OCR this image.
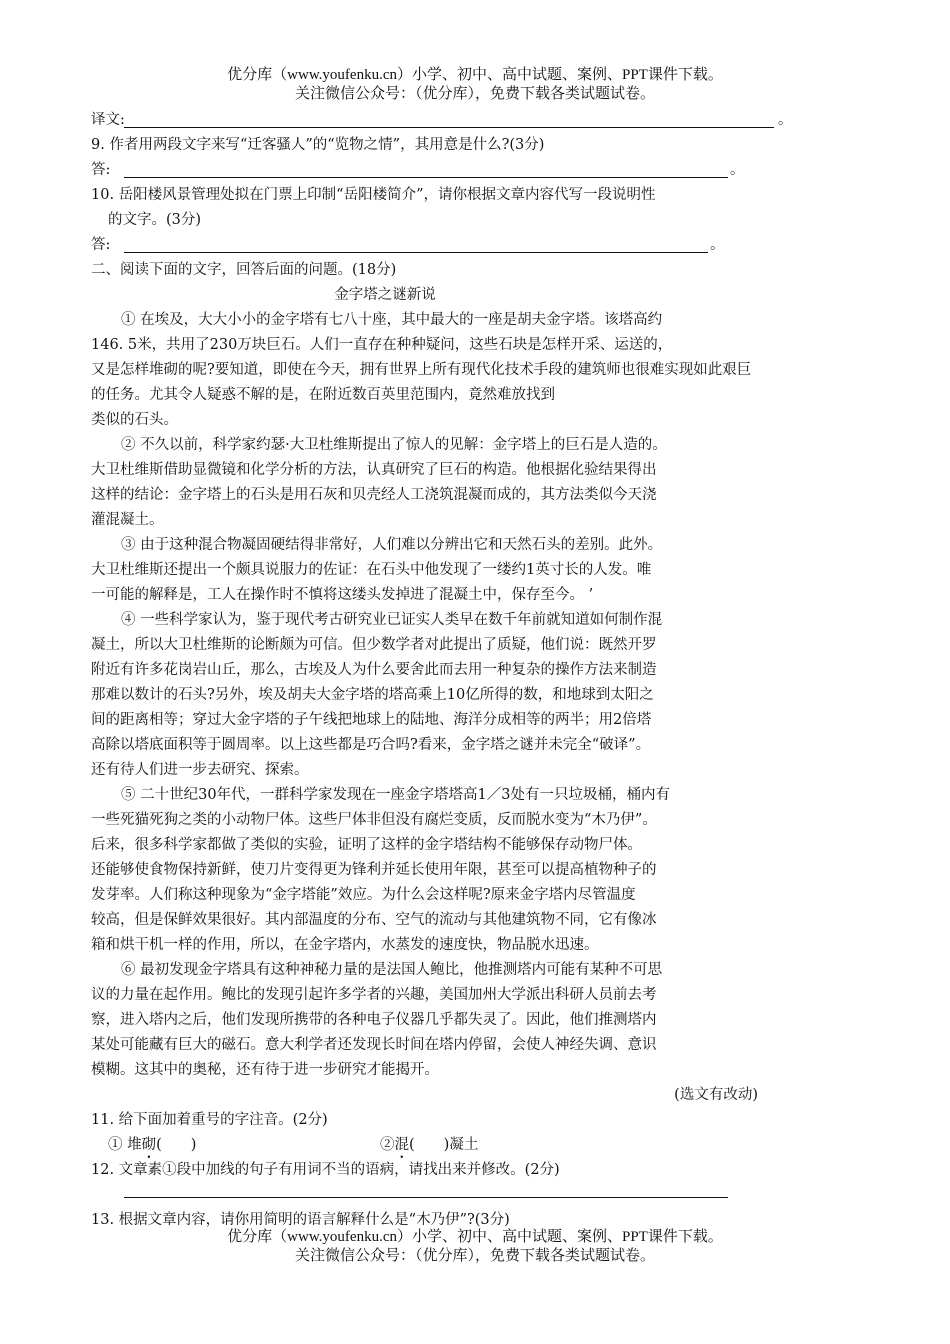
优分库（www.youfenku.cn）小学、初中、高中试题、案例、PPT课件下载。
关注微信公众号：（优分库），免费下载各类试题试卷。
译文:	。
9. 作者用两段文字来写“迁客骚人”的“览物之情”，其用意是什么?(3分)
答:	。
10. 岳阳楼风景管理处拟在门票上印制“岳阳楼简介”，请你根据文章内容代写一段说明性
的文字。(3分)
答:	。
二、阅读下面的文字，回答后面的问题。(18分)
金字塔之谜新说
① 在埃及，大大小小的金字塔有七八十座，其中最大的一座是胡夫金字塔。该塔高约
146. 5米，共用了230万块巨石。人们一直存在种种疑问，这些石块是怎样开采、运送的，
又是怎样堆砌的呢?要知道，即使在今天，拥有世界上所有现代化技术手段的建筑师也很难实现如此艰巨
的任务。尤其令人疑惑不解的是，在附近数百英里范围内，竟然难放找到
类似的石头。
② 不久以前，科学家约瑟·大卫杜维斯提出了惊人的见解：金字塔上的巨石是人造的。
大卫杜维斯借助显微镜和化学分析的方法，认真研究了巨石的构造。他根据化验结果得出
这样的结论：金字塔上的石头是用石灰和贝壳经人工浇筑混凝而成的，其方法类似今天浇
灌混凝土。
③ 由于这种混合物凝固硬结得非常好，人们难以分辨出它和天然石头的差别。此外。
大卫杜维斯还提出一个颇具说服力的佐证：在石头中他发现了一缕约1英寸长的人发。唯
一可能的解释是，工人在操作时不慎将这缕头发掉进了混凝土中，保存至今。 ’
④ 一些科学家认为，鉴于现代考古研究业已证实人类早在数千年前就知道如何制作混
凝土，所以大卫杜维斯的论断颇为可信。但少数学者对此提出了质疑，他们说：既然开罗
附近有许多花岗岩山丘，那么，古埃及人为什么要舍此而去用一种复杂的操作方法来制造
那难以数计的石头?另外，埃及胡夫大金字塔的塔高乘上10亿所得的数，和地球到太阳之
间的距离相等；穿过大金字塔的子午线把地球上的陆地、海洋分成相等的两半；用2倍塔
高除以塔底面积等于圆周率。以上这些都是巧合吗?看来，金字塔之谜并未完全“破译”。
还有待人们进一步去研究、探索。
⑤ 二十世纪30年代，一群科学家发现在一座金字塔塔高1／3处有一只垃圾桶，桶内有
一些死猫死狗之类的小动物尸体。这些尸体非但没有腐烂变质，反而脱水变为“木乃伊”。
后来，很多科学家都做了类似的实验，证明了这样的金字塔结构不能够保存动物尸体。
还能够使食物保持新鲜，使刀片变得更为锋利并延长使用年限，甚至可以提高植物种子的
发芽率。人们称这种现象为“金字塔能”效应。为什么会这样呢?原来金字塔内尽管温度
较高，但是保鲜效果很好。其内部温度的分布、空气的流动与其他建筑物不同，它有像冰
箱和烘干机一样的作用，所以，在金字塔内，水蒸发的速度快，物品脱水迅速。
⑥ 最初发现金字塔具有这种神秘力量的是法国人鲍比，他推测塔内可能有某种不可思
议的力量在起作用。鲍比的发现引起许多学者的兴趣，美国加州大学派出科研人员前去考
察，进入塔内之后，他们发现所携带的各种电子仪器几乎都失灵了。因此，他们推测塔内
某处可能藏有巨大的磁石。意大利学者还发现长时间在塔内停留，会使人神经失调、意识
模糊。这其中的奥秘，还有待于进一步研究才能揭开。
(选文有改动)
11. 给下面加着重号的字注音。(2分)
① 堆砌(　　)	②混(　　)凝土
12. 文章素①段中加线的句子有用词不当的语病，请找出来并修改。(2分)
13. 根据文章内容，请你用简明的语言解释什么是“木乃伊”?(3分)
优分库（www.youfenku.cn）小学、初中、高中试题、案例、PPT课件下载。
关注微信公众号：（优分库），免费下载各类试题试卷。
